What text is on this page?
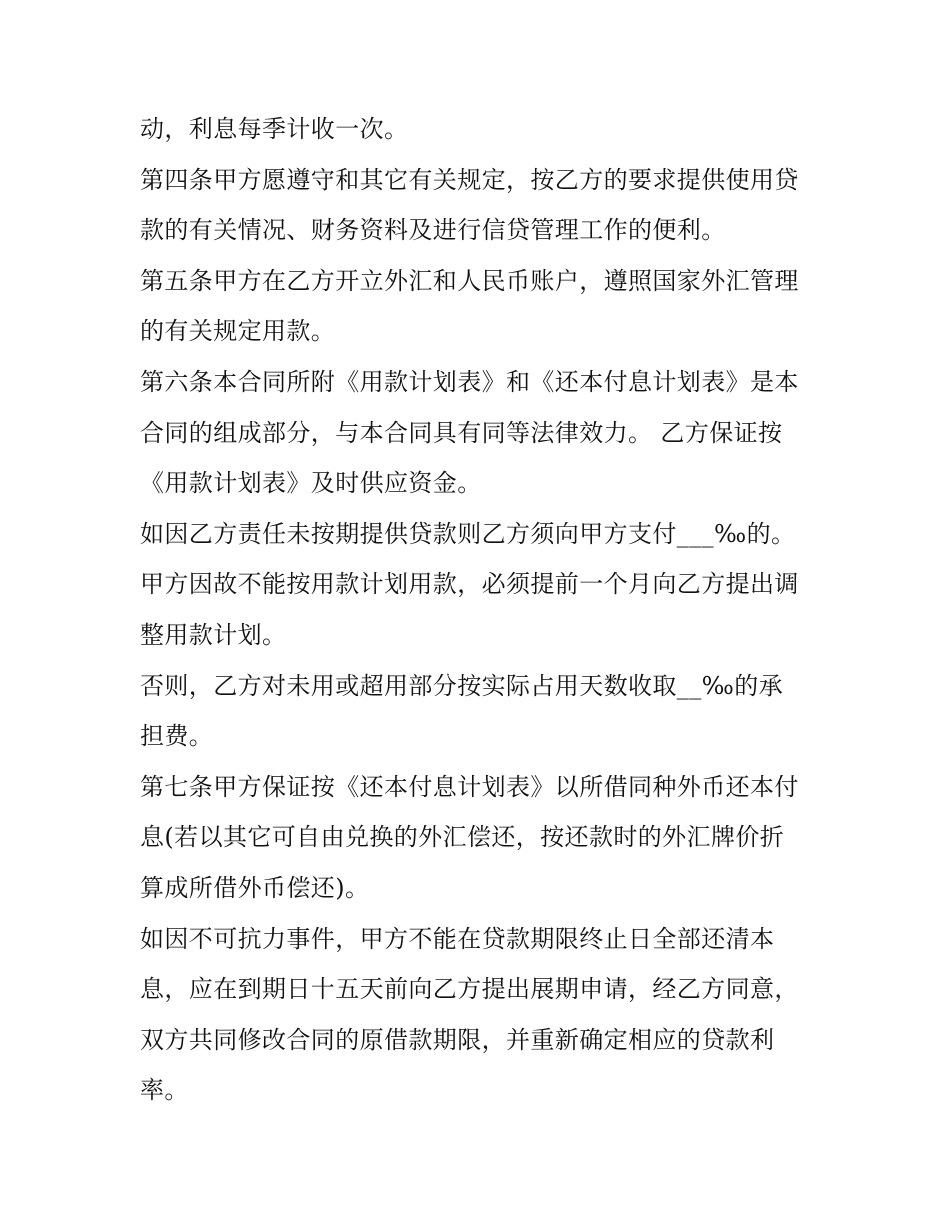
动，利息每季计收一次。
第四条甲方愿遵守和其它有关规定，按乙方的要求提供使用贷
款的有关情况、财务资料及进行信贷管理工作的便利。
第五条甲方在乙方开立外汇和人民币账户，遵照国家外汇管理
的有关规定用款。
第六条本合同所附《用款计划表》和《还本付息计划表》是本
合同的组成部分，与本合同具有同等法律效力。 乙方保证按
《用款计划表》及时供应资金。
如因乙方责任未按期提供贷款则乙方须向甲方支付___‰的。
甲方因故不能按用款计划用款，必须提前一个月向乙方提出调
整用款计划。
否则，乙方对未用或超用部分按实际占用天数收取__‰的承
担费。
第七条甲方保证按《还本付息计划表》以所借同种外币还本付
息(若以其它可自由兑换的外汇偿还，按还款时的外汇牌价折
算成所借外币偿还)。
如因不可抗力事件，甲方不能在贷款期限终止日全部还清本
息，应在到期日十五天前向乙方提出展期申请，经乙方同意，
双方共同修改合同的原借款期限，并重新确定相应的贷款利
率。
